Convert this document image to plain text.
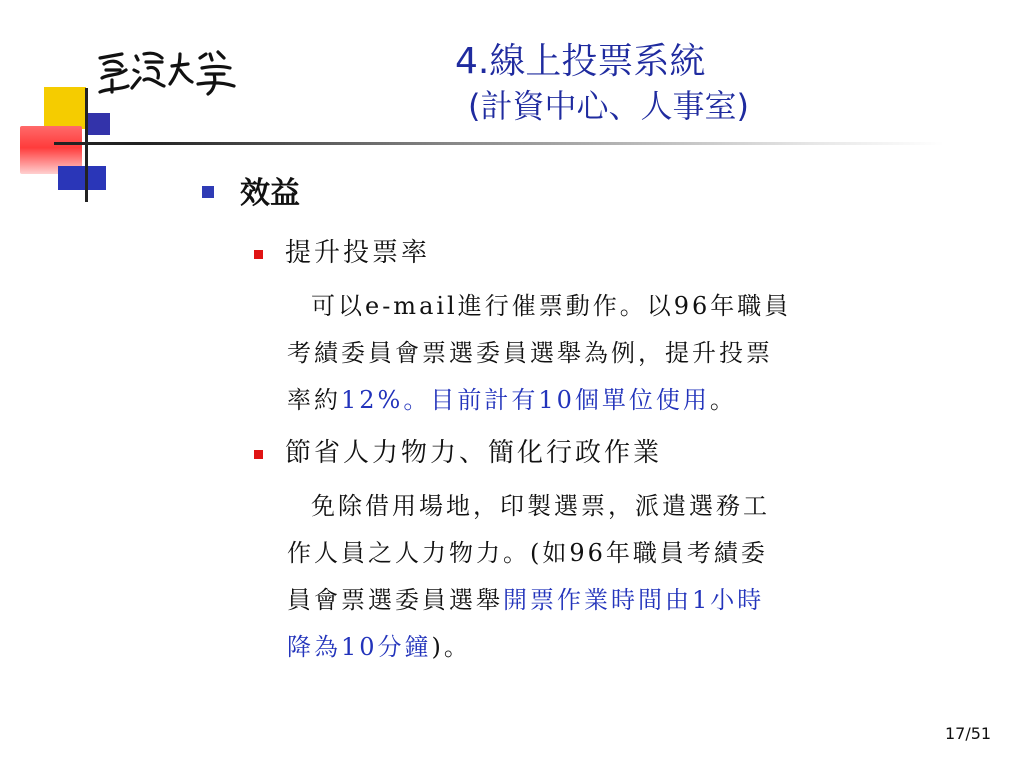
臺灣大學
4.線上投票系統
(計資中心、人事室)
效益
提升投票率
可以e-mail進行催票動作。以96年職員
考績委員會票選委員選舉為例，提升投票
率約12%。目前計有10個單位使用。
節省人力物力、簡化行政作業
免除借用場地，印製選票，派遣選務工
作人員之人力物力。(如96年職員考績委
員會票選委員選舉開票作業時間由1小時
降為10分鐘)。
17/51
